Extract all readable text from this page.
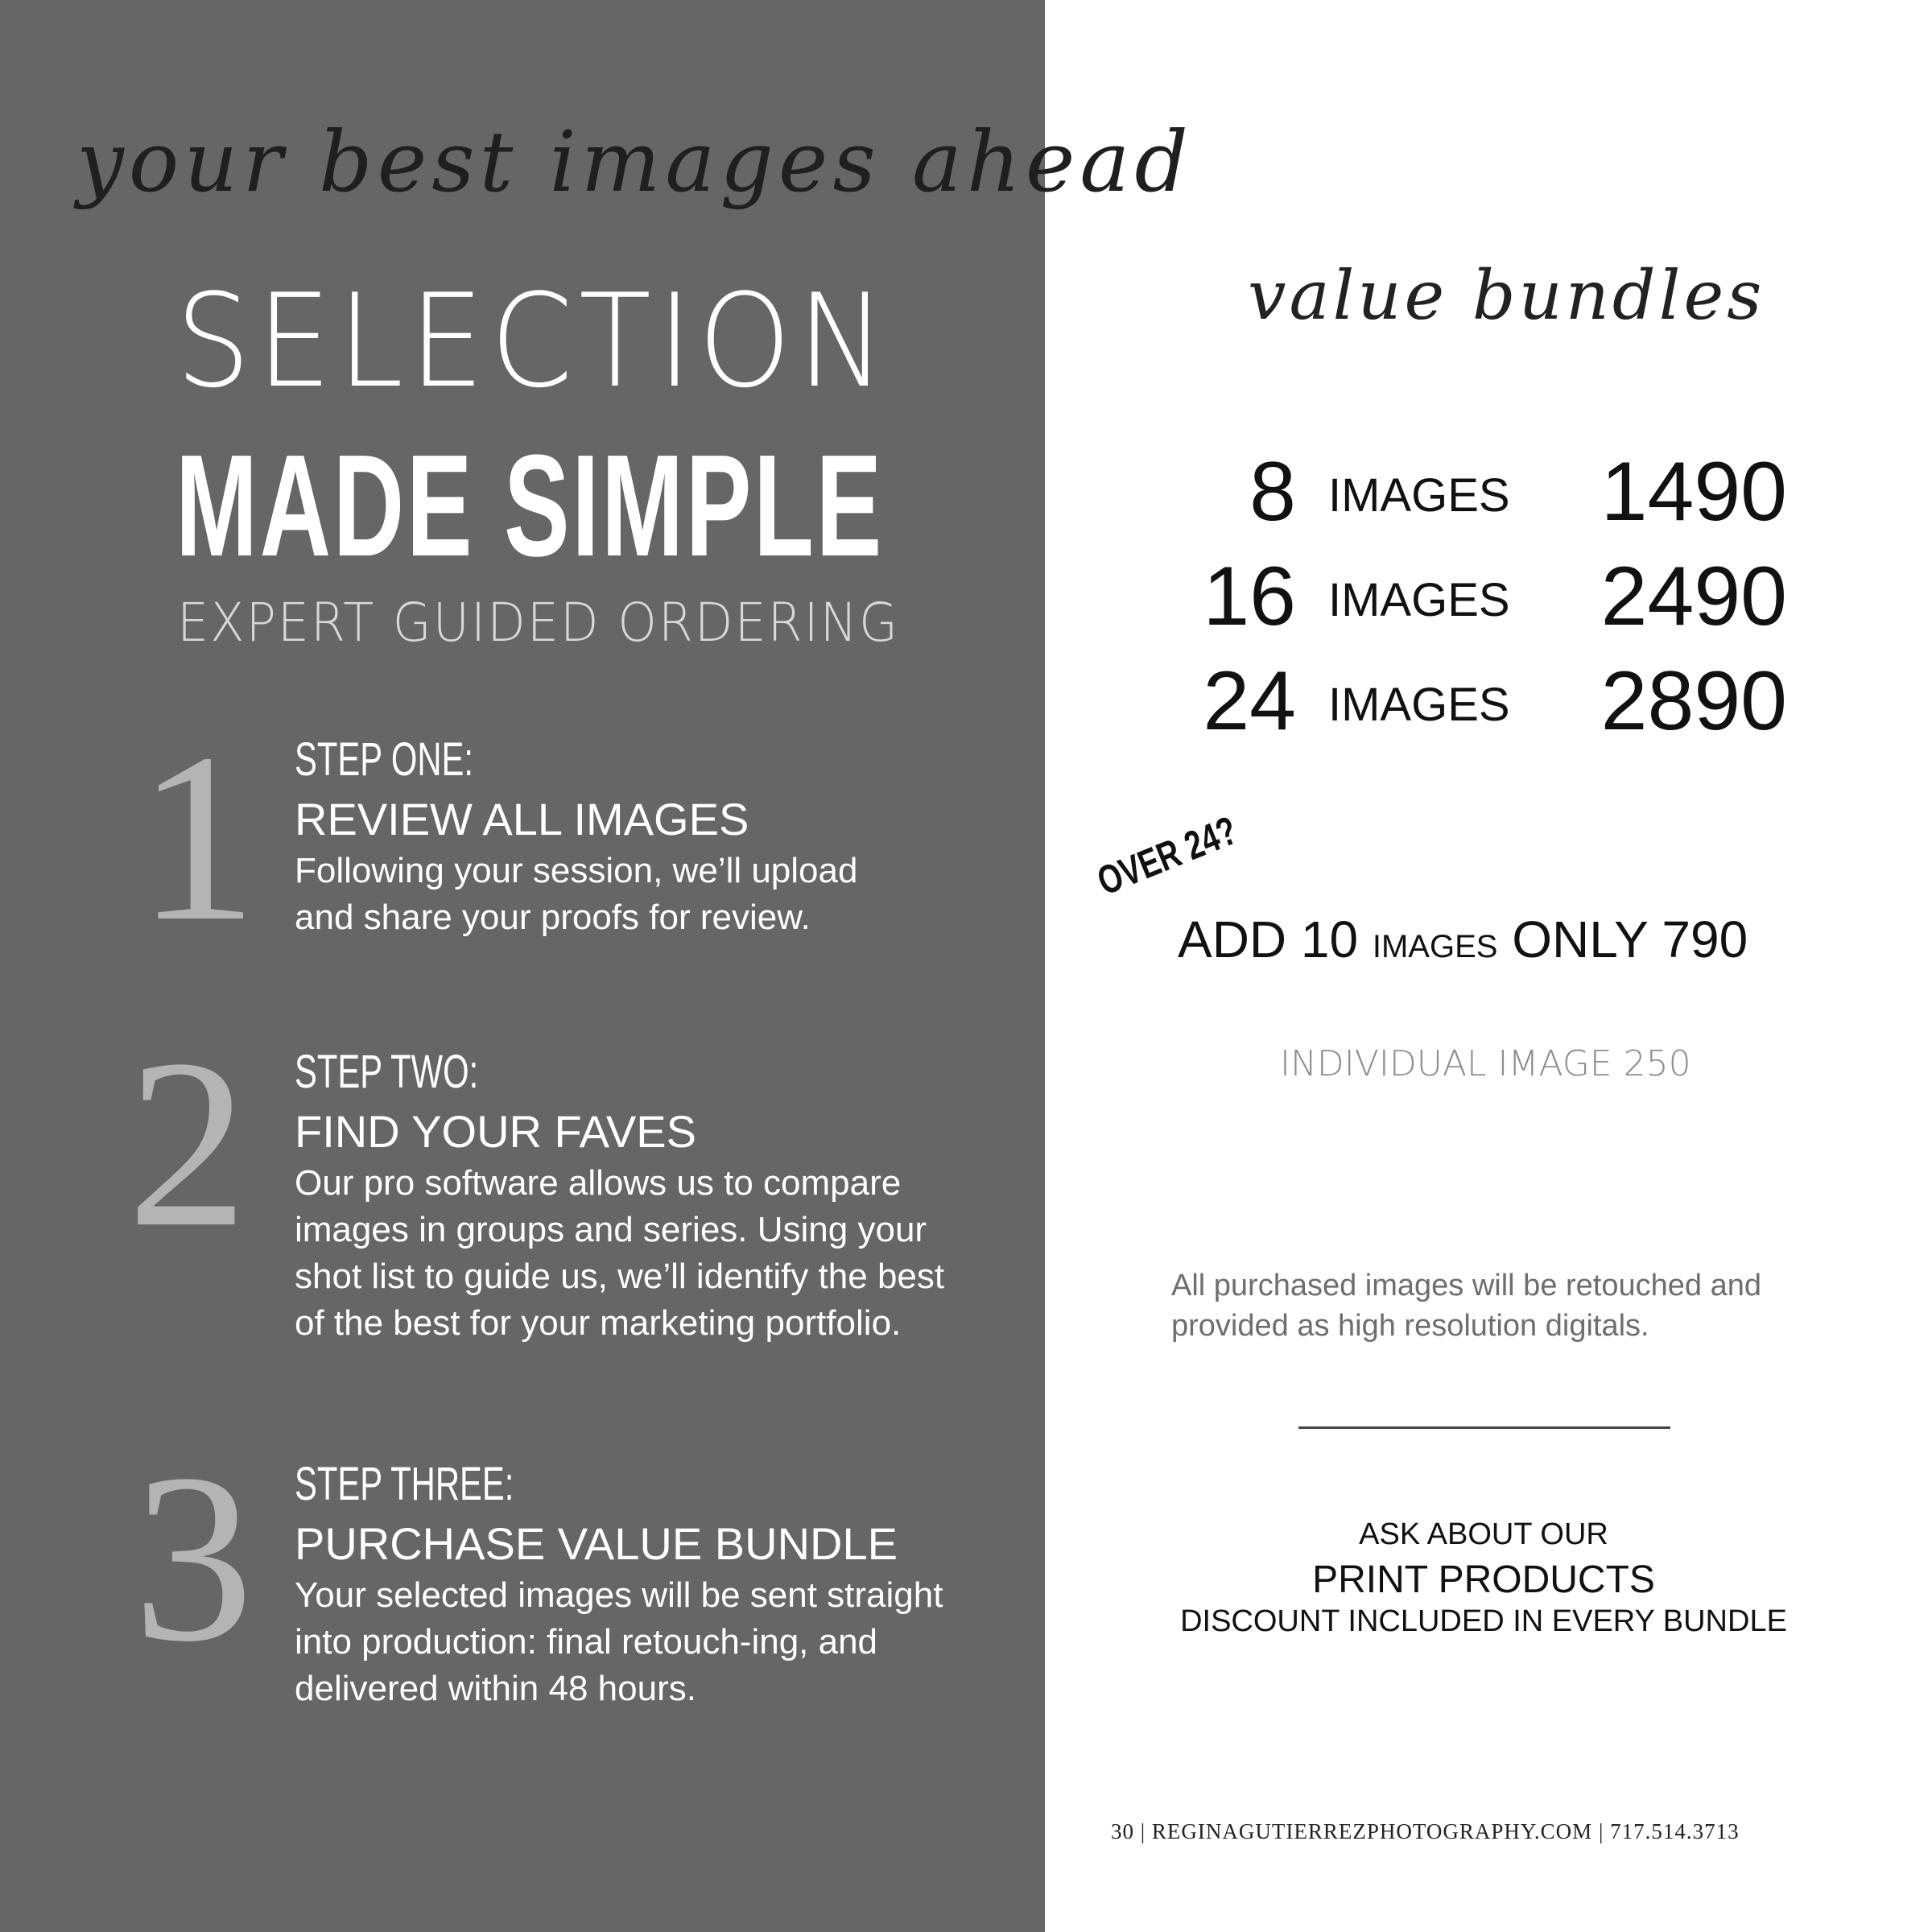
your best images ahead

SELECTION

MADE SIMPLE

EXPERT GUIDED ORDERING

1 STEP ONE:

REVIEW ALL IMAGES

Following your session, we’ll upload and share your proofs for review.

2 STEP TWO:

FIND YOUR FAVES

Our pro software allows us to compare images in groups and series. Using your shot list to guide us, we’ll identify the best of the best for your marketing portfolio.

3 STEP THREE:

PURCHASE VALUE BUNDLE

Your selected images will be sent straight into production: final retouch-ing, and delivered within 48 hours.

value bundles

8 IMAGES 1490
16 IMAGES 2490
24 IMAGES 2890

OVER 24?

ADD 10 IMAGES ONLY 790

INDIVIDUAL IMAGE 250

All purchased images will be retouched and provided as high resolution digitals.

ASK ABOUT OUR

PRINT PRODUCTS

DISCOUNT INCLUDED IN EVERY BUNDLE

30 | REGINAGUTIERREZPHOTOGRAPHY.COM | 717.514.3713
